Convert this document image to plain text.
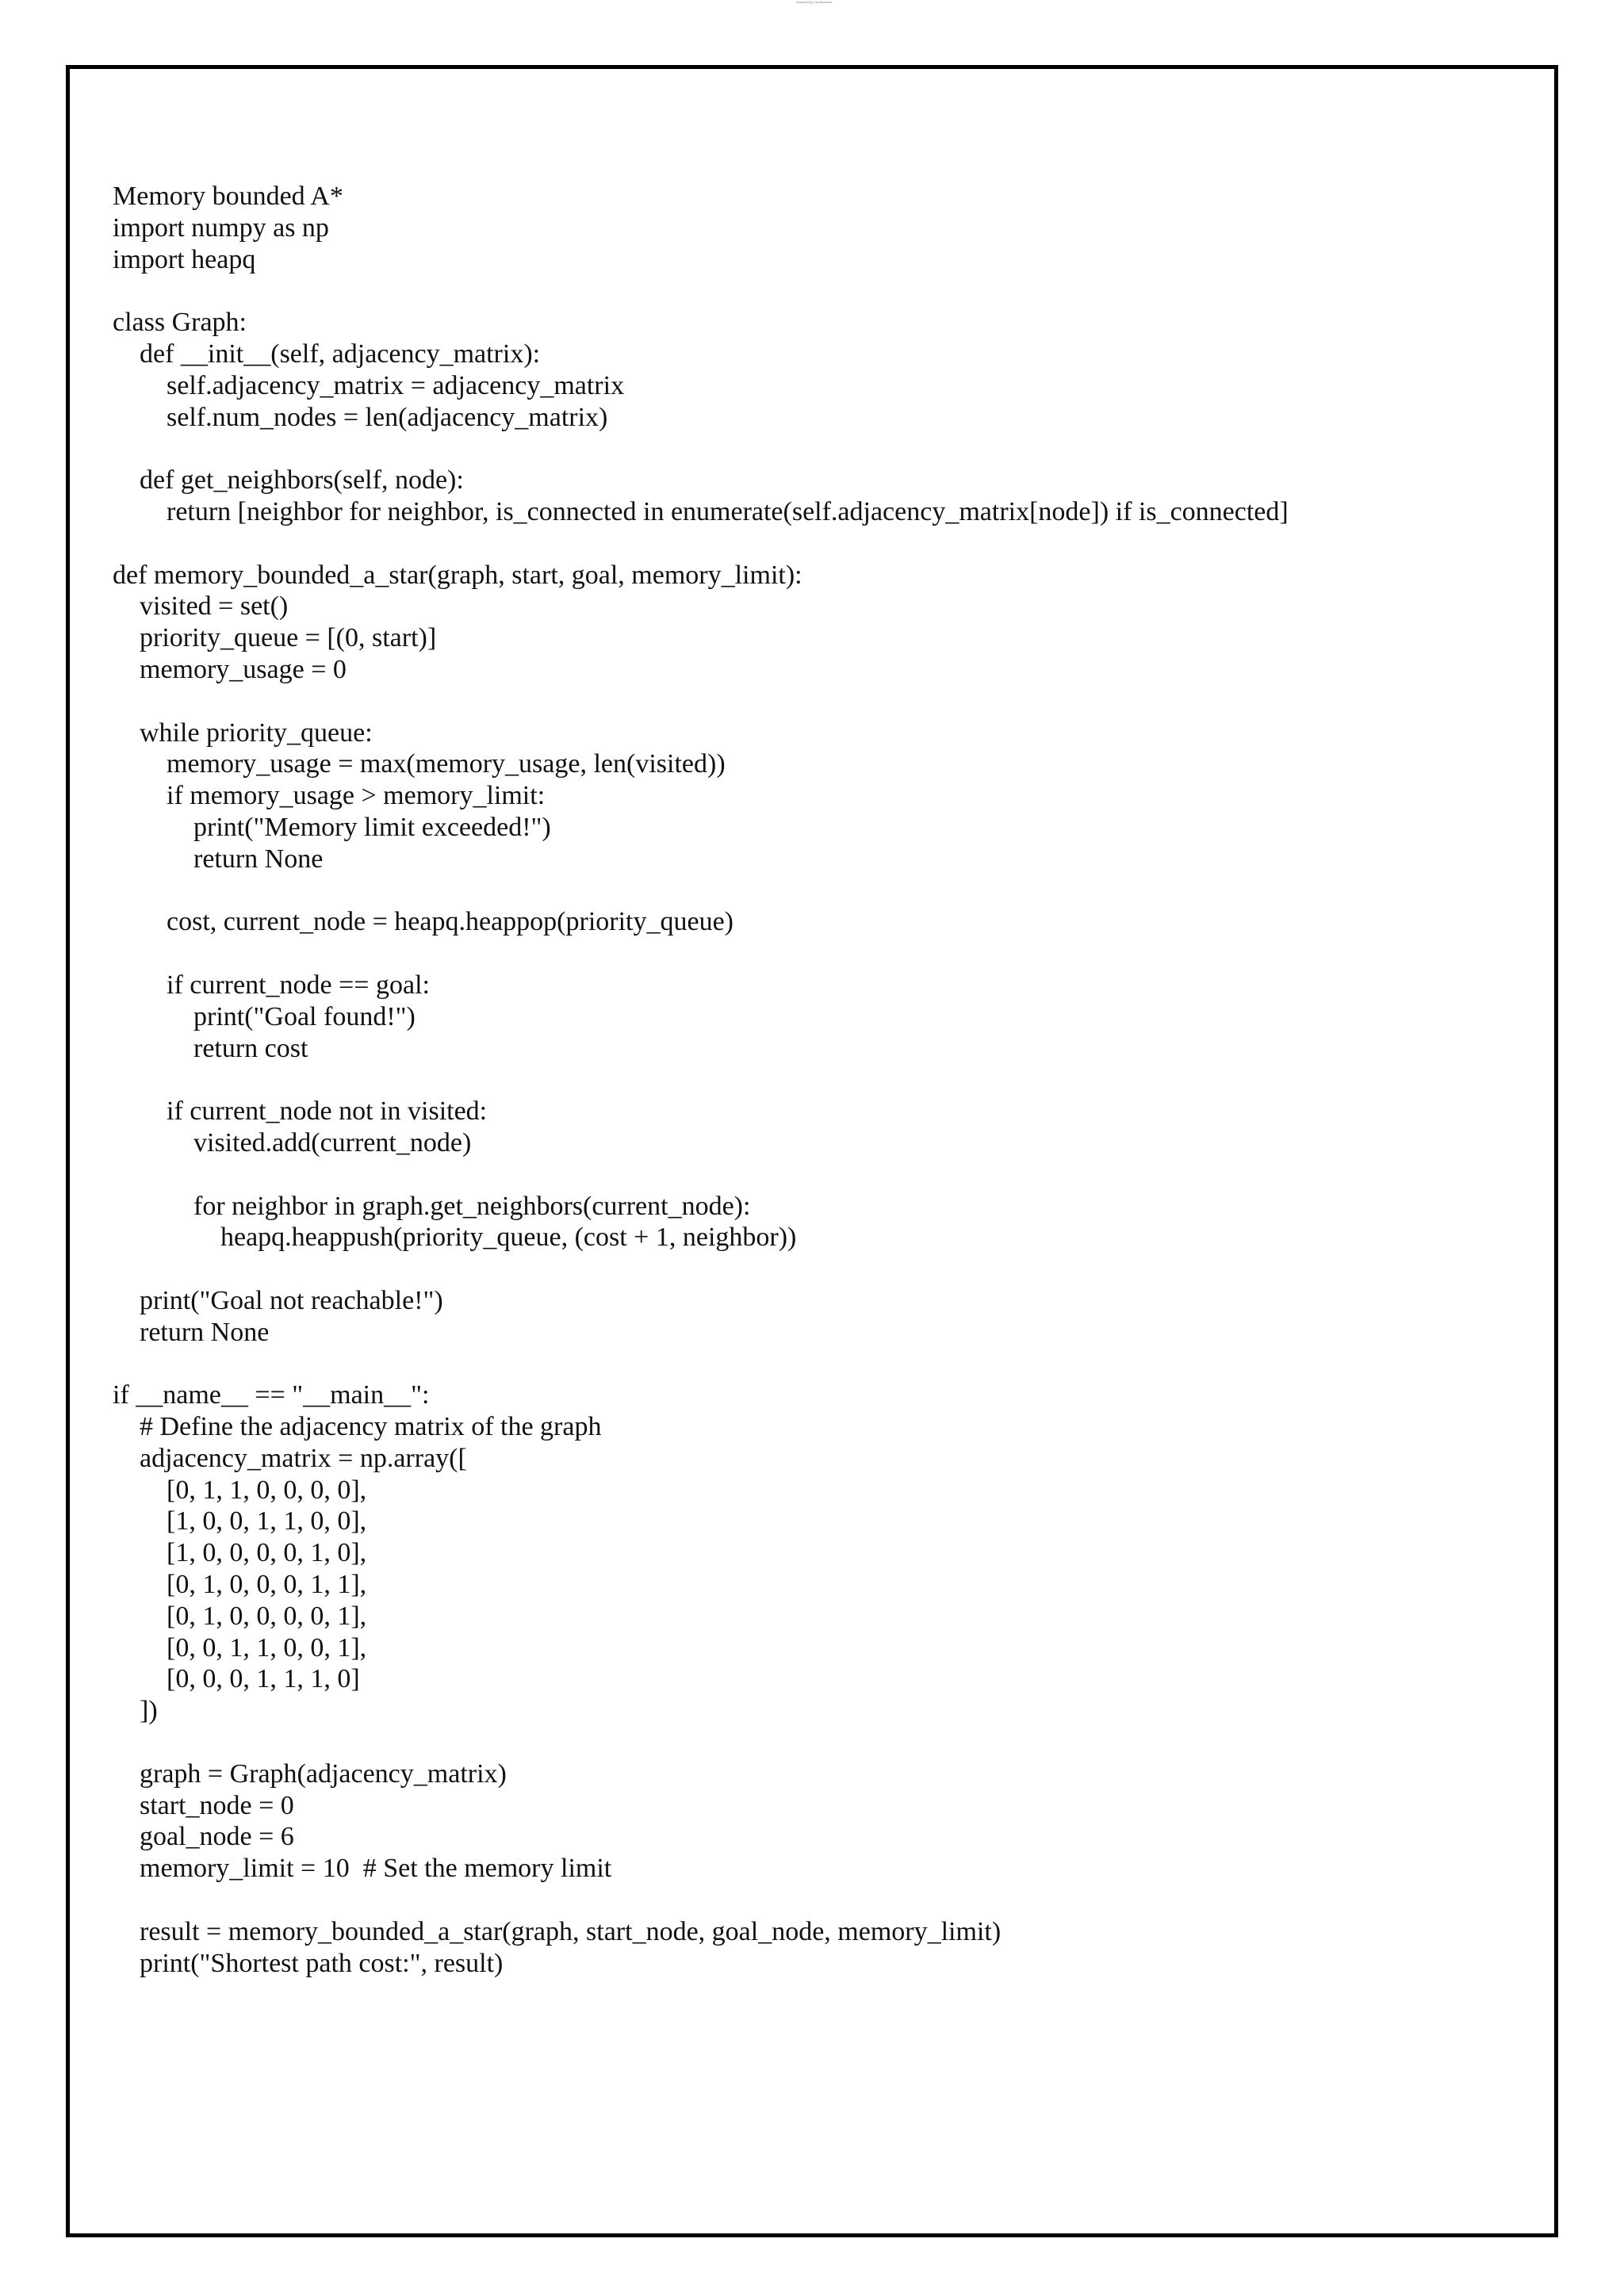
Scanned by CamScanner
Memory bounded A*
import numpy as np
import heapq
class Graph:
def __init__(self, adjacency_matrix):
self.adjacency_matrix = adjacency_matrix
self.num_nodes = len(adjacency_matrix)
def get_neighbors(self, node):
return [neighbor for neighbor, is_connected in enumerate(self.adjacency_matrix[node]) if is_connected]
def memory_bounded_a_star(graph, start, goal, memory_limit):
visited = set()
priority_queue = [(0, start)]
memory_usage = 0
while priority_queue:
memory_usage = max(memory_usage, len(visited))
if memory_usage > memory_limit:
print("Memory limit exceeded!")
return None
cost, current_node = heapq.heappop(priority_queue)
if current_node == goal:
print("Goal found!")
return cost
if current_node not in visited:
visited.add(current_node)
for neighbor in graph.get_neighbors(current_node):
heapq.heappush(priority_queue, (cost + 1, neighbor))
print("Goal not reachable!")
return None
if __name__ == "__main__":
# Define the adjacency matrix of the graph
adjacency_matrix = np.array([
[0, 1, 1, 0, 0, 0, 0],
[1, 0, 0, 1, 1, 0, 0],
[1, 0, 0, 0, 0, 1, 0],
[0, 1, 0, 0, 0, 1, 1],
[0, 1, 0, 0, 0, 0, 1],
[0, 0, 1, 1, 0, 0, 1],
[0, 0, 0, 1, 1, 1, 0]
])
graph = Graph(adjacency_matrix)
start_node = 0
goal_node = 6
memory_limit = 10  # Set the memory limit
result = memory_bounded_a_star(graph, start_node, goal_node, memory_limit)
print("Shortest path cost:", result)
